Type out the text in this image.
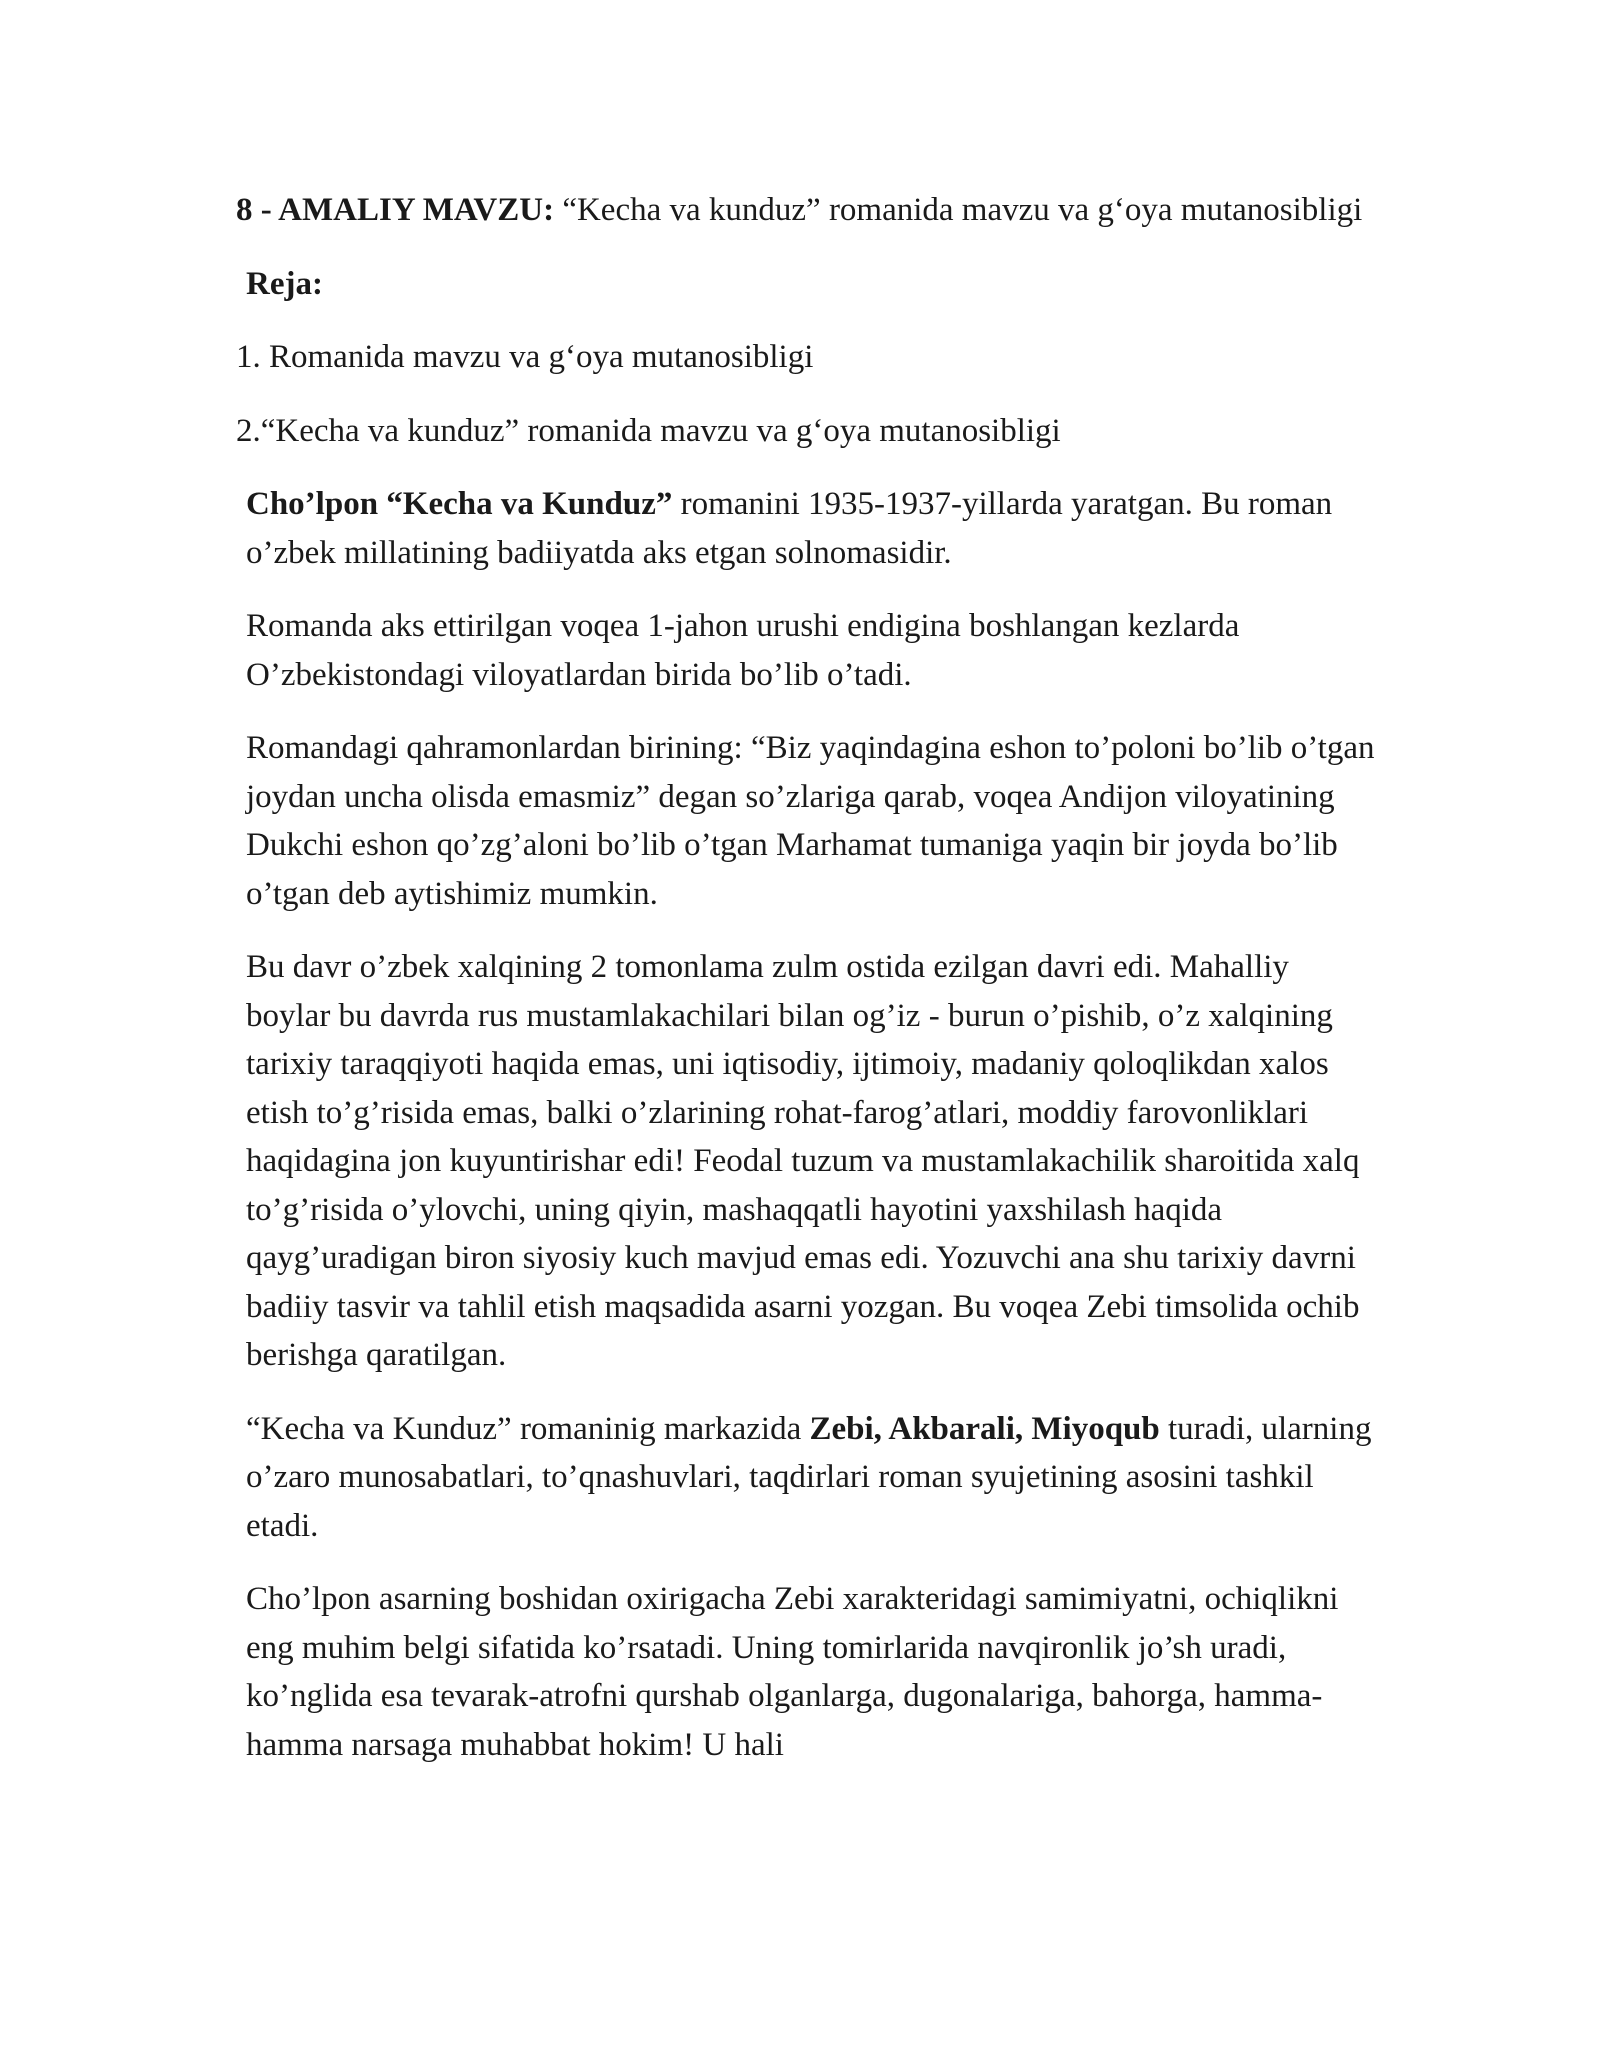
8 - AMALIY MAVZU: “Kecha va kunduz” romanida mavzu va g‘oya mutanosibligi

Reja:

1. Romanida mavzu va g‘oya mutanosibligi

2.“Kecha va kunduz” romanida mavzu va g‘oya mutanosibligi

Cho’lpon “Kecha va Kunduz” romanini 1935-1937-yillarda yaratgan. Bu roman o’zbek millatining badiiyatda aks etgan solnomasidir.

Romanda aks ettirilgan voqea 1-jahon urushi endigina boshlangan kezlarda O’zbekistondagi viloyatlardan birida bo’lib o’tadi.

Romandagi qahramonlardan birining: “Biz yaqindagina eshon to’poloni bo’lib o’tgan joydan uncha olisda emasmiz” degan so’zlariga qarab, voqea Andijon viloyatining Dukchi eshon qo’zg’aloni bo’lib o’tgan Marhamat tumaniga yaqin bir joyda bo’lib o’tgan deb aytishimiz mumkin.

Bu davr o’zbek xalqining 2 tomonlama zulm ostida ezilgan davri edi. Mahalliy boylar bu davrda rus mustamlakachilari bilan og’iz - burun o’pishib, o’z xalqining tarixiy taraqqiyoti haqida emas, uni iqtisodiy, ijtimoiy, madaniy qoloqlikdan xalos etish to’g’risida emas, balki o’zlarining rohat-farog’atlari, moddiy farovonliklari haqidagina jon kuyuntirishar edi! Feodal tuzum va mustamlakachilik sharoitida xalq to’g’risida o’ylovchi, uning qiyin, mashaqqatli hayotini yaxshilash haqida qayg’uradigan biron siyosiy kuch mavjud emas edi. Yozuvchi ana shu tarixiy davrni badiiy tasvir va tahlil etish maqsadida asarni yozgan. Bu voqea Zebi timsolida ochib berishga qaratilgan.

“Kecha va Kunduz” romaninig markazida Zebi, Akbarali, Miyoqub turadi, ularning o’zaro munosabatlari, to’qnashuvlari, taqdirlari roman syujetining asosini tashkil etadi.

Cho’lpon asarning boshidan oxirigacha Zebi xarakteridagi samimiyatni, ochiqlikni eng muhim belgi sifatida ko’rsatadi. Uning tomirlarida navqironlik jo’sh uradi, ko’nglida esa tevarak-atrofni qurshab olganlarga, dugonalariga, bahorga, hamma-hamma narsaga muhabbat hokim! U hali
